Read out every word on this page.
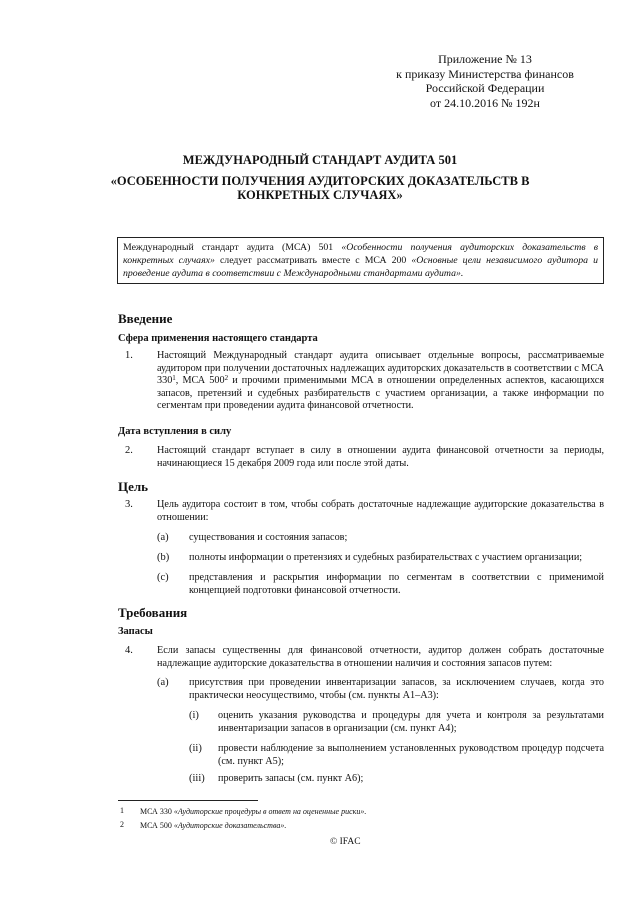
Приложение № 13
к приказу Министерства финансов
Российской Федерации
от 24.10.2016 № 192н
МЕЖДУНАРОДНЫЙ СТАНДАРТ АУДИТА 501
«ОСОБЕННОСТИ ПОЛУЧЕНИЯ АУДИТОРСКИХ ДОКАЗАТЕЛЬСТВ В КОНКРЕТНЫХ СЛУЧАЯХ»
Международный стандарт аудита (МСА) 501 «Особенности получения аудиторских доказательств в конкретных случаях» следует рассматривать вместе с МСА 200 «Основные цели независимого аудитора и проведение аудита в соответствии с Международными стандартами аудита».
Введение
Сфера применения настоящего стандарта
1. Настоящий Международный стандарт аудита описывает отдельные вопросы, рассматриваемые аудитором при получении достаточных надлежащих аудиторских доказательств в соответствии с МСА $330^1$, МСА $500^2$ и прочими применимыми МСА в отношении определенных аспектов, касающихся запасов, претензий и судебных разбирательств с участием организации, а также информации по сегментам при проведении аудита финансовой отчетности.
Дата вступления в силу
2. Настоящий стандарт вступает в силу в отношении аудита финансовой отчетности за периоды, начинающиеся 15 декабря 2009 года или после этой даты.
Цель
3. Цель аудитора состоит в том, чтобы собрать достаточные надлежащие аудиторские доказательства в отношении:
(a) существования и состояния запасов;
(b) полноты информации о претензиях и судебных разбирательствах с участием организации;
(c) представления и раскрытия информации по сегментам в соответствии с применимой концепцией подготовки финансовой отчетности.
Требования
Запасы
4. Если запасы существенны для финансовой отчетности, аудитор должен собрать достаточные надлежащие аудиторские доказательства в отношении наличия и состояния запасов путем:
(a) присутствия при проведении инвентаризации запасов, за исключением случаев, когда это практически неосуществимо, чтобы (см. пункты А1–А3):
(i) оценить указания руководства и процедуры для учета и контроля за результатами инвентаризации запасов в организации (см. пункт А4);
(ii) провести наблюдение за выполнением установленных руководством процедур подсчета (см. пункт А5);
(iii) проверить запасы (см. пункт А6);
1 МСА 330 «Аудиторские процедуры в ответ на оцененные риски».
2 МСА 500 «Аудиторские доказательства».
© IFAC
